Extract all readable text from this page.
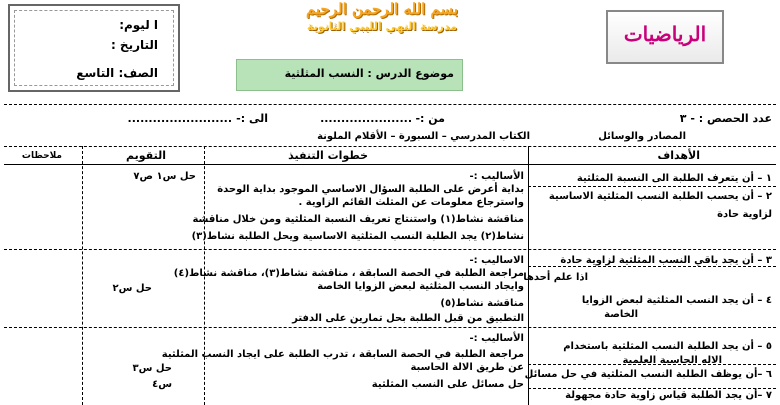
ا ليوم:
التاريخ :
الصف: التاسع
بسم الله الرحمن الرحيم
مدرسة النهي الليبي الثانوية	الرياضيات
موضوع الدرس : النسب المثلثية
عدد الحصص : - ٣
من :-
......................
الى :-
.........................
المصادر والوسائل
الكتاب المدرسي – السبورة – الأقلام الملونة
الأهداف
خطوات التنفيذ
التقويم
ملاحظات
١ – أن يتعرف الطلبة الى النسبة المثلثية
٢ – أن يحسب الطلبة النسب المثلثية الاساسية
لزاوية حادة
الأساليب :-
بداية أعرض على الطلبة السؤال الاساسي الموجود بداية الوحدة
واسترجاع معلومات عن المثلث القائم الزاوية .
مناقشة نشاط(١) واستنتاج تعريف النسبة المثلثية ومن خلال مناقشة
نشاط(٢) يجد الطلبة النسب المثلثية الاساسية ويحل الطلبة نشاط(٣)
حل س١ ص٧
٣ – أن يجد باقي النسب المثلثية لزاوية حادة
اذا علم أحدها
٤ – أن يجد النسب المثلثية لبعض الزوايا
الخاصة
الاساليب :-
مراجعة الطلبة في الحصة السابقة ، مناقشة نشاط(٣)، مناقشة نشاط(٤)
وايجاد النسب المثلثية لبعض الزوايا الخاصة
مناقشة نشاط(٥)
التطبيق من قبل الطلبة بحل تمارين على الدفتر
حل س٢
٥ – أن يجد الطلبة النسب المثلثية باستخدام
الاله الحاسبة العلمية
٦ –أن يوظف الطلبة النسب المثلثية في حل مسائل
٧ –أن يجد الطلبة قياس زاوية حادة مجهولة
الأساليب :-
مراجعة الطلبة في الحصة السابقة ، تدرب الطلبة على ايجاد النسب المثلثية
عن طريق الالة الحاسبة
حل مسائل على النسب المثلثية
حل س٣
س٤
